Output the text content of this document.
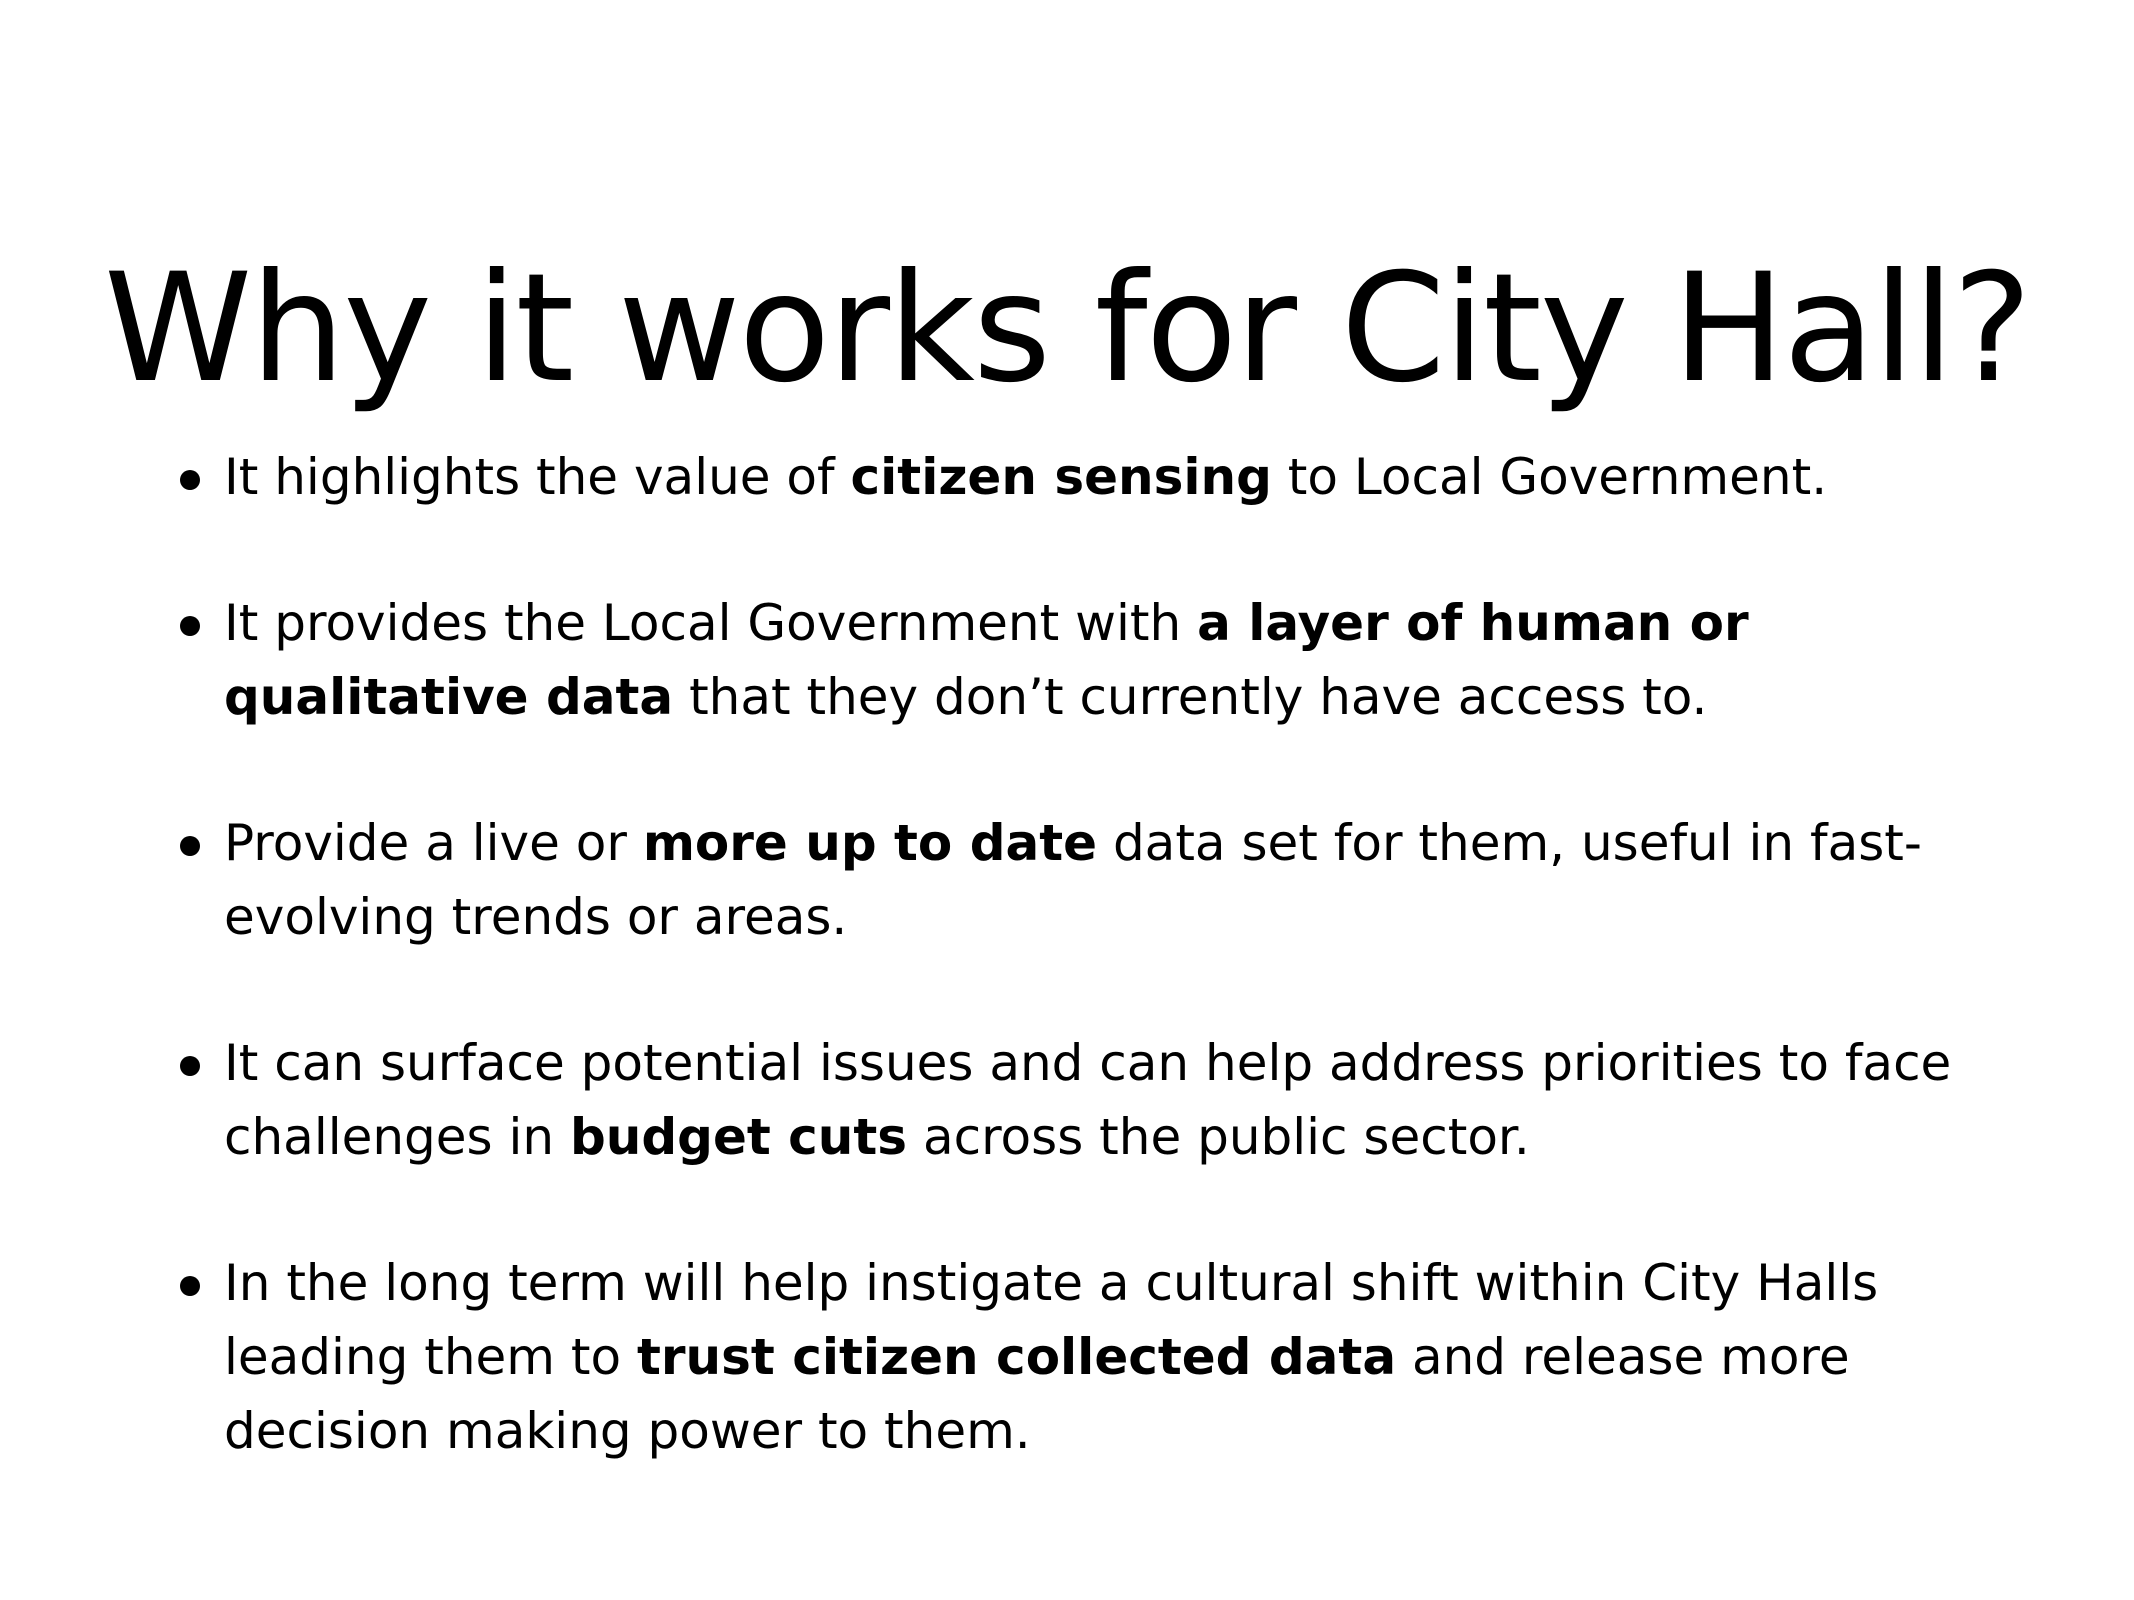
Why it works for City Hall?
It highlights the value of citizen sensing to Local Government.
It provides the Local Government with a layer of human or qualitative data that they don’t currently have access to.
Provide a live or more up to date data set for them, useful in fast-evolving trends or areas.
It can surface potential issues and can help address priorities to face challenges in budget cuts across the public sector.
In the long term will help instigate a cultural shift within City Halls leading them to trust citizen collected data and release more decision making power to them.
